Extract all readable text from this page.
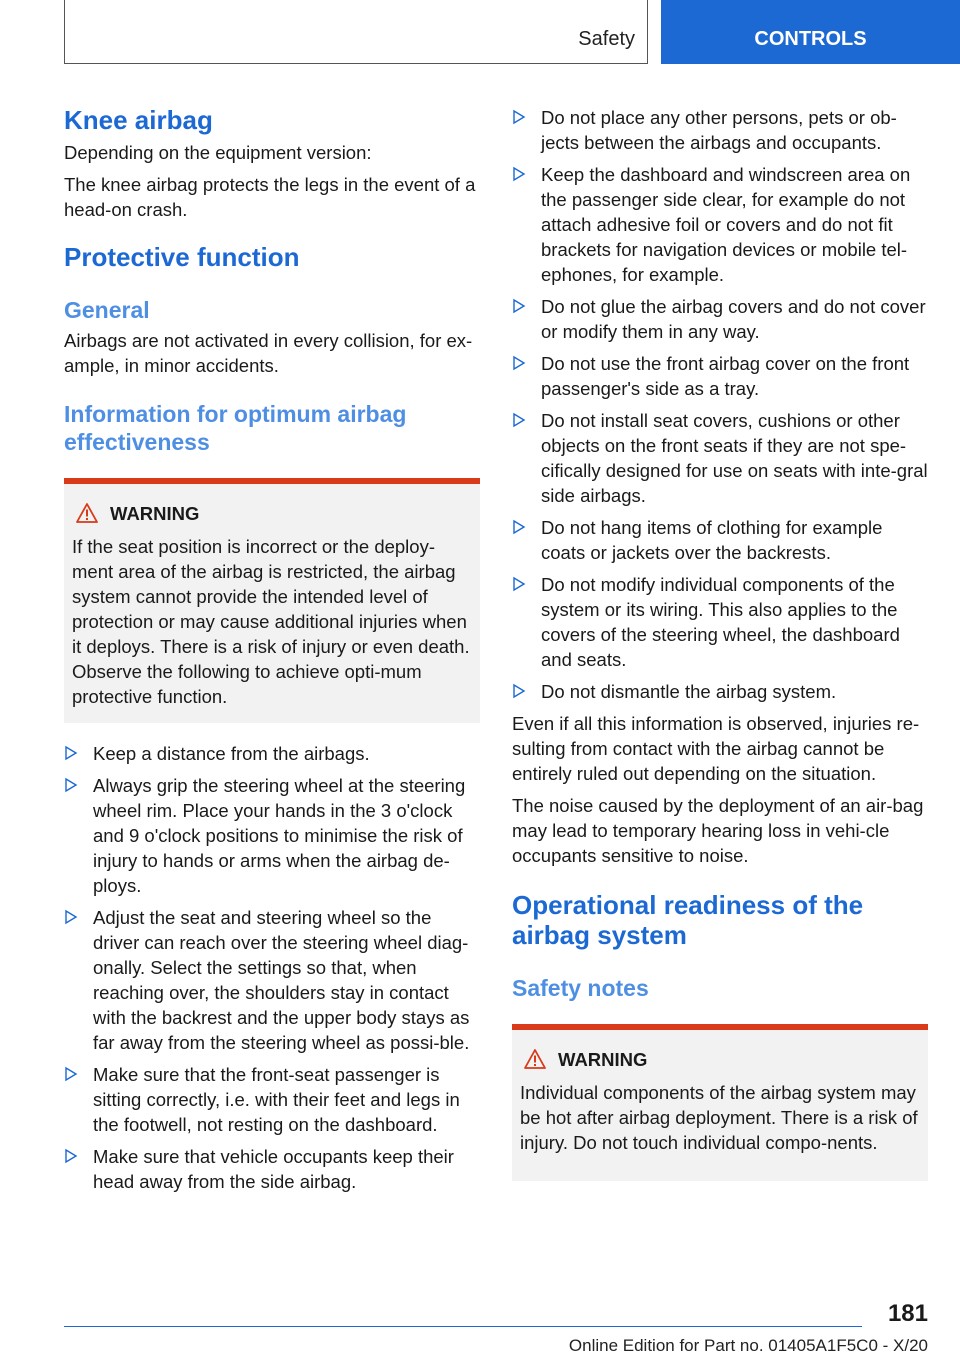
Safety	CONTROLS
Knee airbag

Depending on the equipment version:

The knee airbag protects the legs in the event of a head-on crash.

Protective function
General

Airbags are not activated in every collision, for ex-ample, in minor accidents.

Information for optimum airbag effectiveness
WARNING

If the seat position is incorrect or the deploy-ment area of the airbag is restricted, the airbag system cannot provide the intended level of protection or may cause additional injuries when it deploys. There is a risk of injury or even death. Observe the following to achieve opti-mum protective function.

Keep a distance from the airbags.
Always grip the steering wheel at the steering wheel rim. Place your hands in the 3 o'clock and 9 o'clock positions to minimise the risk of injury to hands or arms when the airbag de-ploys.
Adjust the seat and steering wheel so the driver can reach over the steering wheel diag-onally. Select the settings so that, when reaching over, the shoulders stay in contact with the backrest and the upper body stays as far away from the steering wheel as possi-ble.
Make sure that the front-seat passenger is sitting correctly, i.e. with their feet and legs in the footwell, not resting on the dashboard.
Make sure that vehicle occupants keep their head away from the side airbag.
Do not place any other persons, pets or ob-jects between the airbags and occupants.
Keep the dashboard and windscreen area on the passenger side clear, for example do not attach adhesive foil or covers and do not fit brackets for navigation devices or mobile tel-ephones, for example.
Do not glue the airbag covers and do not cover or modify them in any way.
Do not use the front airbag cover on the front passenger's side as a tray.
Do not install seat covers, cushions or other objects on the front seats if they are not spe-cifically designed for use on seats with inte-gral side airbags.
Do not hang items of clothing for example coats or jackets over the backrests.
Do not modify individual components of the system or its wiring. This also applies to the covers of the steering wheel, the dashboard and seats.
Do not dismantle the airbag system.

Even if all this information is observed, injuries re-sulting from contact with the airbag cannot be entirely ruled out depending on the situation.

The noise caused by the deployment of an air-bag may lead to temporary hearing loss in vehi-cle occupants sensitive to noise.

Operational readiness of the airbag system
Safety notes
WARNING

Individual components of the airbag system may be hot after airbag deployment. There is a risk of injury. Do not touch individual compo-nents.

181
Online Edition for Part no. 01405A1F5C0 - X/20
